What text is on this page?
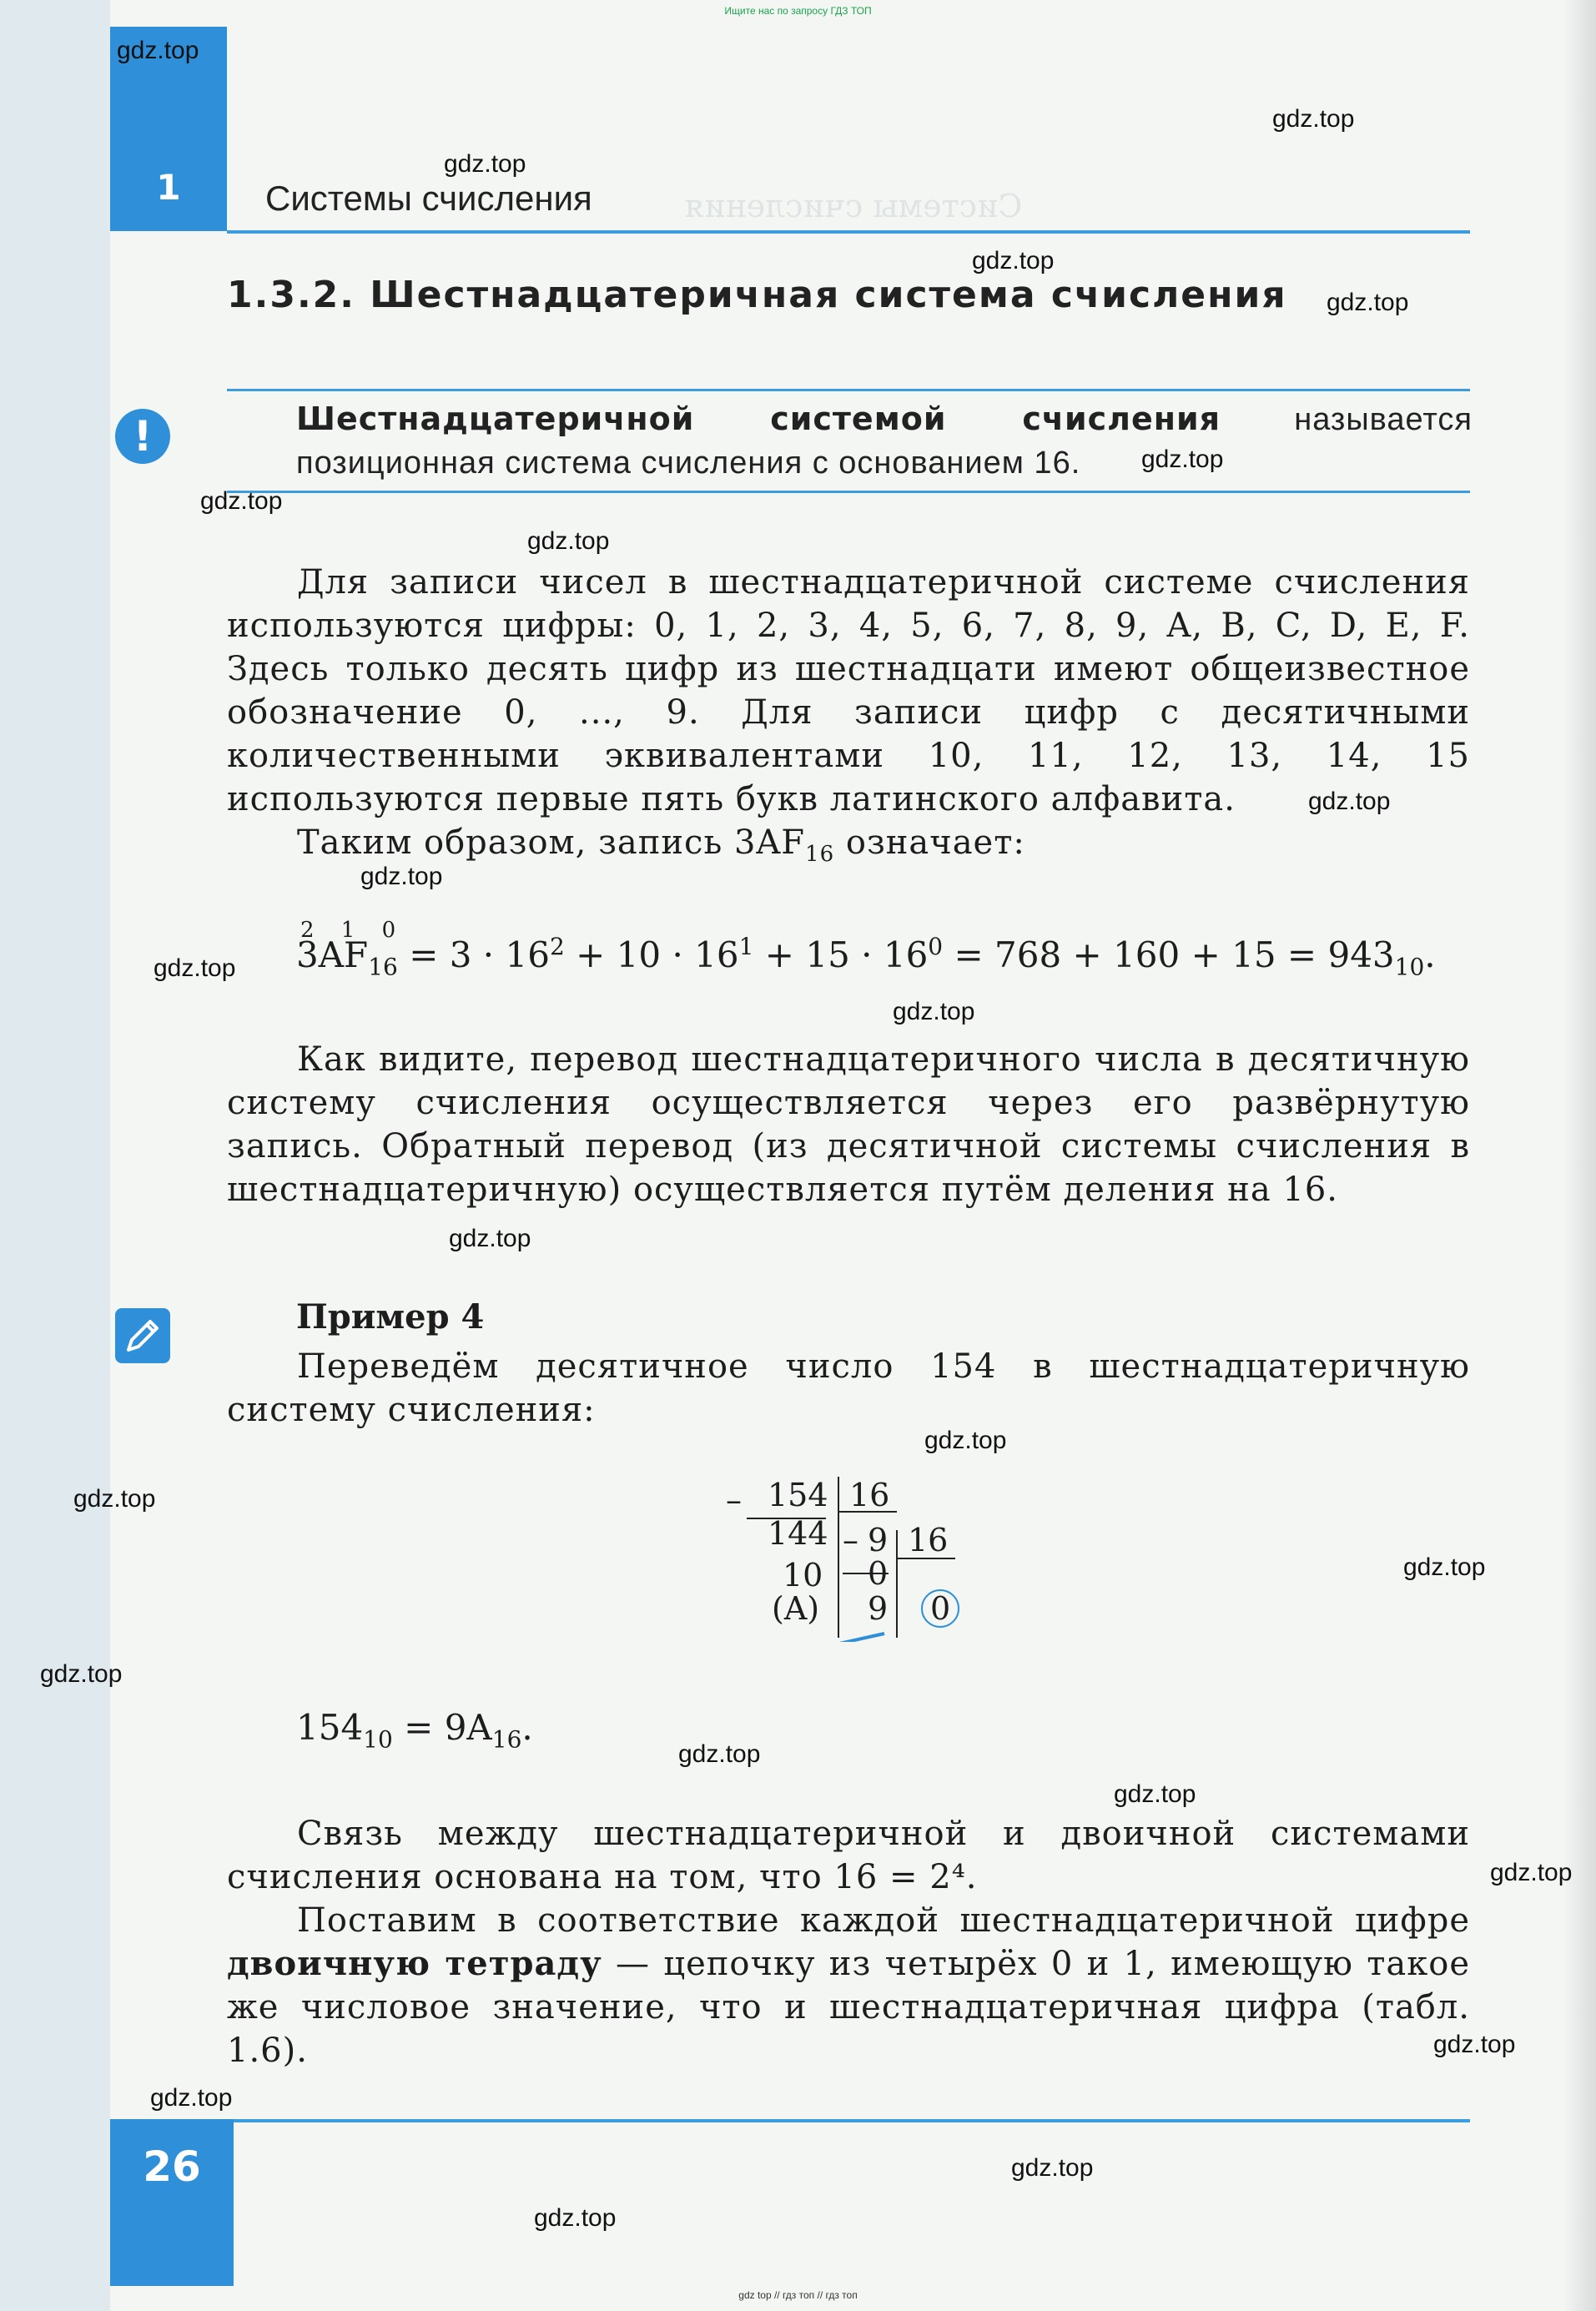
Ищите нас по запросу ГДЗ ТОП
Системы счисления
1	Системы счисления
1.3.2. Шестнадцатеричная система счисления
!	Шестнадцатеричной системой счисления называется позиционная система счисления с основанием 16.
Для записи чисел в шестнадцатеричной системе счисления используются цифры: 0, 1, 2, 3, 4, 5, 6, 7, 8, 9, A, B, C, D, E, F. Здесь только десять цифр из шестнадцати имеют общеизвестное обозначение 0, ..., 9. Для записи цифр с десятичными количественными эквивалентами 10, 11, 12, 13, 14, 15 используются первые пять букв латинского алфавита.
Таким образом, запись $3AF_{16}$ означает:
2 1 0
$3AF_{16} = 3 \cdot 16^2 + 10 \cdot 16^1 + 15 \cdot 16^0 = 768 + 160 + 15 = 943_{10}$.
Как видите, перевод шестнадцатеричного числа в десятичную систему счисления осуществляется через его развёрнутую запись. Обратный перевод (из десятичной системы счисления в шестнадцатеричную) осуществляется путём деления на 16.
Пример 4
Переведём десятичное число 154 в шестнадцатеричную систему счисления:
– 154 16
144 – 9 16
10 0
(A) 9 0
$154_{10} = 9A_{16}$.
Связь между шестнадцатеричной и двоичной системами счисления основана на том, что 16 = 2⁴.
Поставим в соответствие каждой шестнадцатеричной цифре двоичную тетраду — цепочку из четырёх 0 и 1, имеющую такое же числовое значение, что и шестнадцатеричная цифра (табл. 1.6).
26
gdz.top
gdz.top
gdz.top
gdz.top
gdz.top
gdz.top
gdz.top
gdz.top
gdz.top
gdz.top
gdz.top
gdz.top
gdz.top
gdz.top
gdz.top
gdz.top
gdz.top
gdz.top
gdz.top
gdz.top
gdz.top
gdz.top
gdz.top
gdz.top
gdz top // гдз топ // гдз топ
